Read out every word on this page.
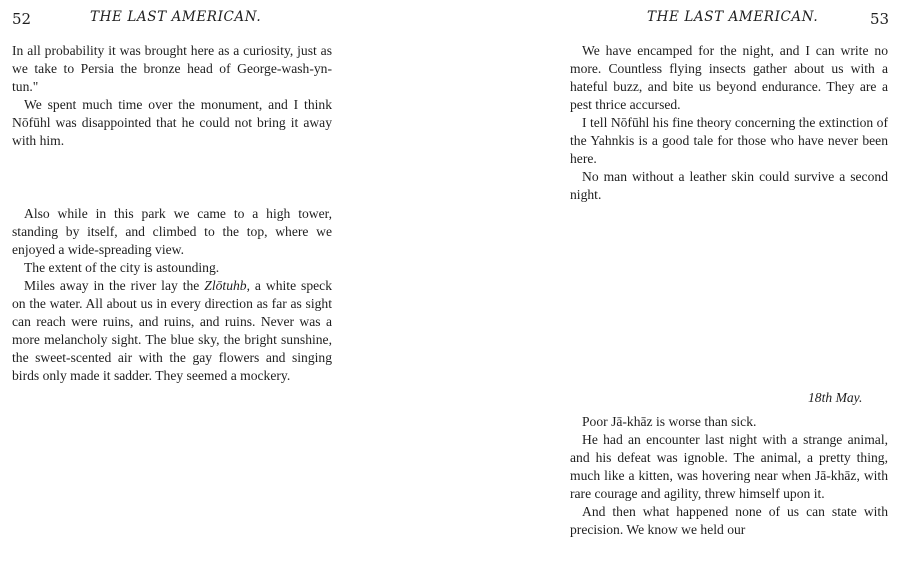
52	THE LAST AMERICAN.

In all probability it was brought here as a curiosity, just as we take to Persia the bronze head of George-wash-yn-tun."

We spent much time over the monument, and I think Nōfūhl was disappointed that he could not bring it away with him.

Also while in this park we came to a high tower, standing by itself, and climbed to the top, where we enjoyed a wide-spreading view.

The extent of the city is astounding.

Miles away in the river lay the Zlōtuhb, a white speck on the water. All about us in every direction as far as sight can reach were ruins, and ruins, and ruins. Never was a more melancholy sight. The blue sky, the bright sunshine, the sweet-scented air with the gay flowers and singing birds only made it sadder. They seemed a mockery.

THE LAST AMERICAN.	53

We have encamped for the night, and I can write no more. Countless flying insects gather about us with a hateful buzz, and bite us beyond endurance. They are a pest thrice accursed.

I tell Nōfūhl his fine theory concerning the extinction of the Yahnkis is a good tale for those who have never been here.

No man without a leather skin could survive a second night.

18th May.

Poor Jā-khāz is worse than sick.

He had an encounter last night with a strange animal, and his defeat was ignoble. The animal, a pretty thing, much like a kitten, was hovering near when Jā-khāz, with rare courage and agility, threw himself upon it.

And then what happened none of us can state with precision. We know we held our
